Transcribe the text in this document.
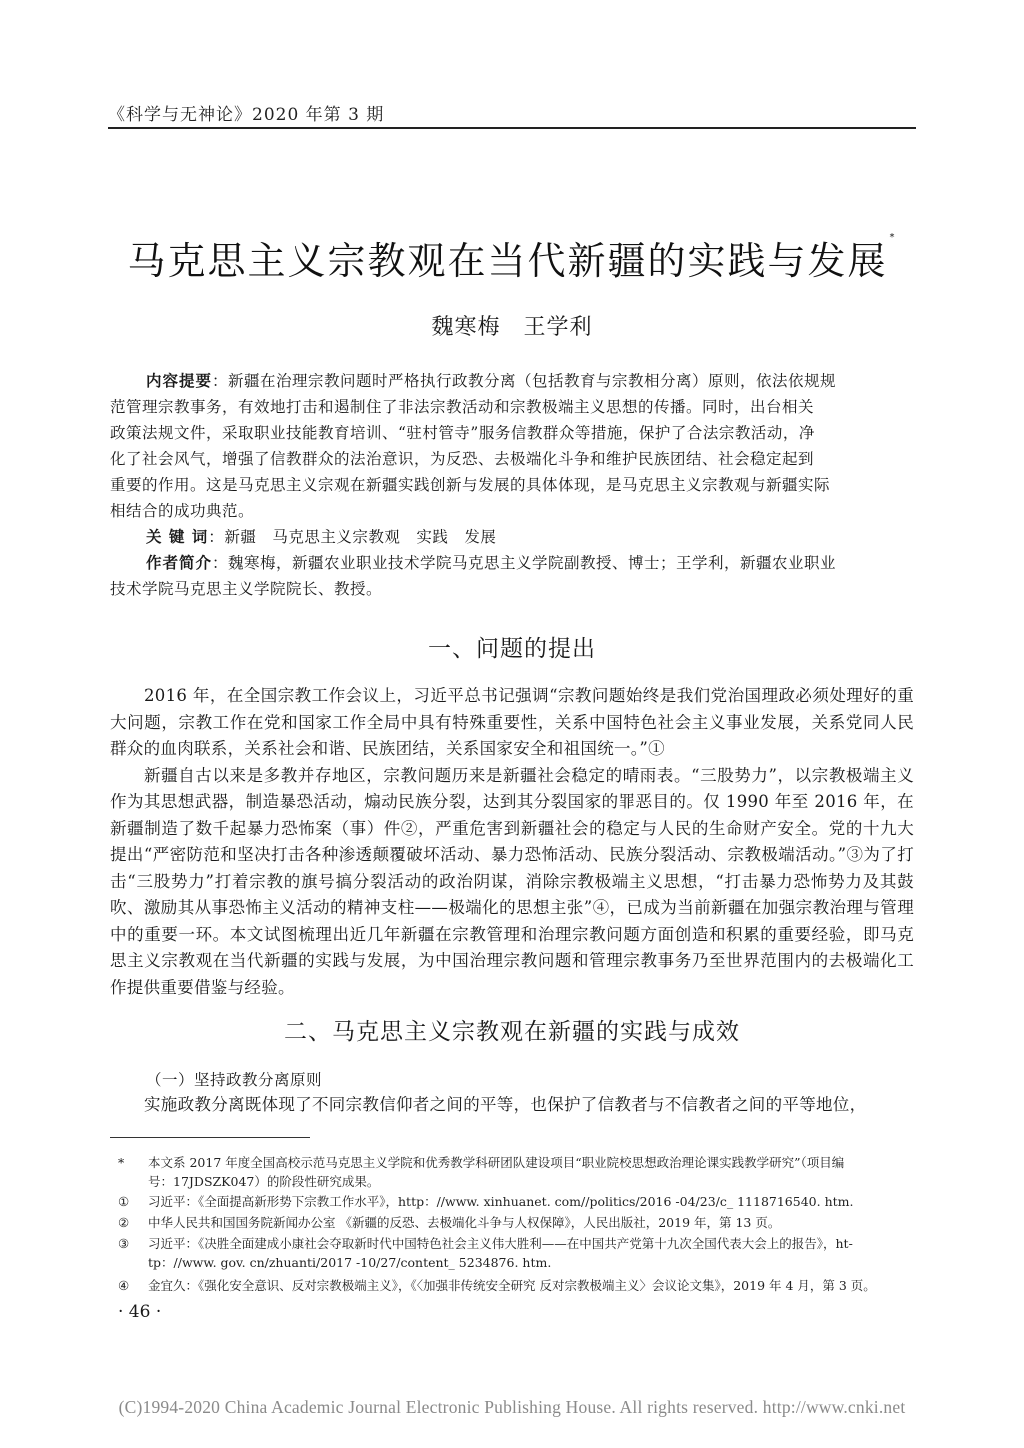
《科学与无神论》2020 年第 3 期
马克思主义宗教观在当代新疆的实践与发展*
魏寒梅　王学利
内容提要：新疆在治理宗教问题时严格执行政教分离（包括教育与宗教相分离）原则，依法依规规
范管理宗教事务，有效地打击和遏制住了非法宗教活动和宗教极端主义思想的传播。同时，出台相关
政策法规文件，采取职业技能教育培训、“驻村管寺”服务信教群众等措施，保护了合法宗教活动，净
化了社会风气，增强了信教群众的法治意识，为反恐、去极端化斗争和维护民族团结、社会稳定起到
重要的作用。这是马克思主义宗观在新疆实践创新与发展的具体体现，是马克思主义宗教观与新疆实际
相结合的成功典范。
关 键 词：新疆　马克思主义宗教观　实践　发展
作者简介：魏寒梅，新疆农业职业技术学院马克思主义学院副教授、博士；王学利，新疆农业职业
技术学院马克思主义学院院长、教授。
一、问题的提出

2016 年，在全国宗教工作会议上，习近平总书记强调“宗教问题始终是我们党治国理政必须处理好的重大问题，宗教工作在党和国家工作全局中具有特殊重要性，关系中国特色社会主义事业发展，关系党同人民群众的血肉联系，关系社会和谐、民族团结，关系国家安全和祖国统一。”①

新疆自古以来是多教并存地区，宗教问题历来是新疆社会稳定的晴雨表。“三股势力”，以宗教极端主义作为其思想武器，制造暴恐活动，煽动民族分裂，达到其分裂国家的罪恶目的。仅 1990 年至 2016 年，在新疆制造了数千起暴力恐怖案（事）件②，严重危害到新疆社会的稳定与人民的生命财产安全。党的十九大提出“严密防范和坚决打击各种渗透颠覆破坏活动、暴力恐怖活动、民族分裂活动、宗教极端活动。”③为了打击“三股势力”打着宗教的旗号搞分裂活动的政治阴谋，消除宗教极端主义思想，“打击暴力恐怖势力及其鼓吹、激励其从事恐怖主义活动的精神支柱——极端化的思想主张”④，已成为当前新疆在加强宗教治理与管理中的重要一环。本文试图梳理出近几年新疆在宗教管理和治理宗教问题方面创造和积累的重要经验，即马克思主义宗教观在当代新疆的实践与发展，为中国治理宗教问题和管理宗教事务乃至世界范围内的去极端化工作提供重要借鉴与经验。

二、马克思主义宗教观在新疆的实践与成效
（一）坚持政教分离原则

实施政教分离既体现了不同宗教信仰者之间的平等，也保护了信教者与不信教者之间的平等地位，

* 本文系 2017 年度全国高校示范马克思主义学院和优秀教学科研团队建设项目“职业院校思想政治理论课实践教学研究”（项目编
号：17JDSZK047）的阶段性研究成果。
① 习近平：《全面提高新形势下宗教工作水平》，http：//www. xinhuanet. com//politics/2016 -04/23/c_ 1118716540. htm.
② 中华人民共和国国务院新闻办公室 《新疆的反恐、去极端化斗争与人权保障》，人民出版社，2019 年，第 13 页。
③ 习近平：《决胜全面建成小康社会夺取新时代中国特色社会主义伟大胜利——在中国共产党第十九次全国代表大会上的报告》，ht-
tp：//www. gov. cn/zhuanti/2017 -10/27/content_ 5234876. htm.
④ 金宜久：《强化安全意识、反对宗教极端主义》，《〈加强非传统安全研究 反对宗教极端主义〉会议论文集》，2019 年 4 月，第 3 页。
· 46 ·
(C)1994-2020 China Academic Journal Electronic Publishing House. All rights reserved. http://www.cnki.net
